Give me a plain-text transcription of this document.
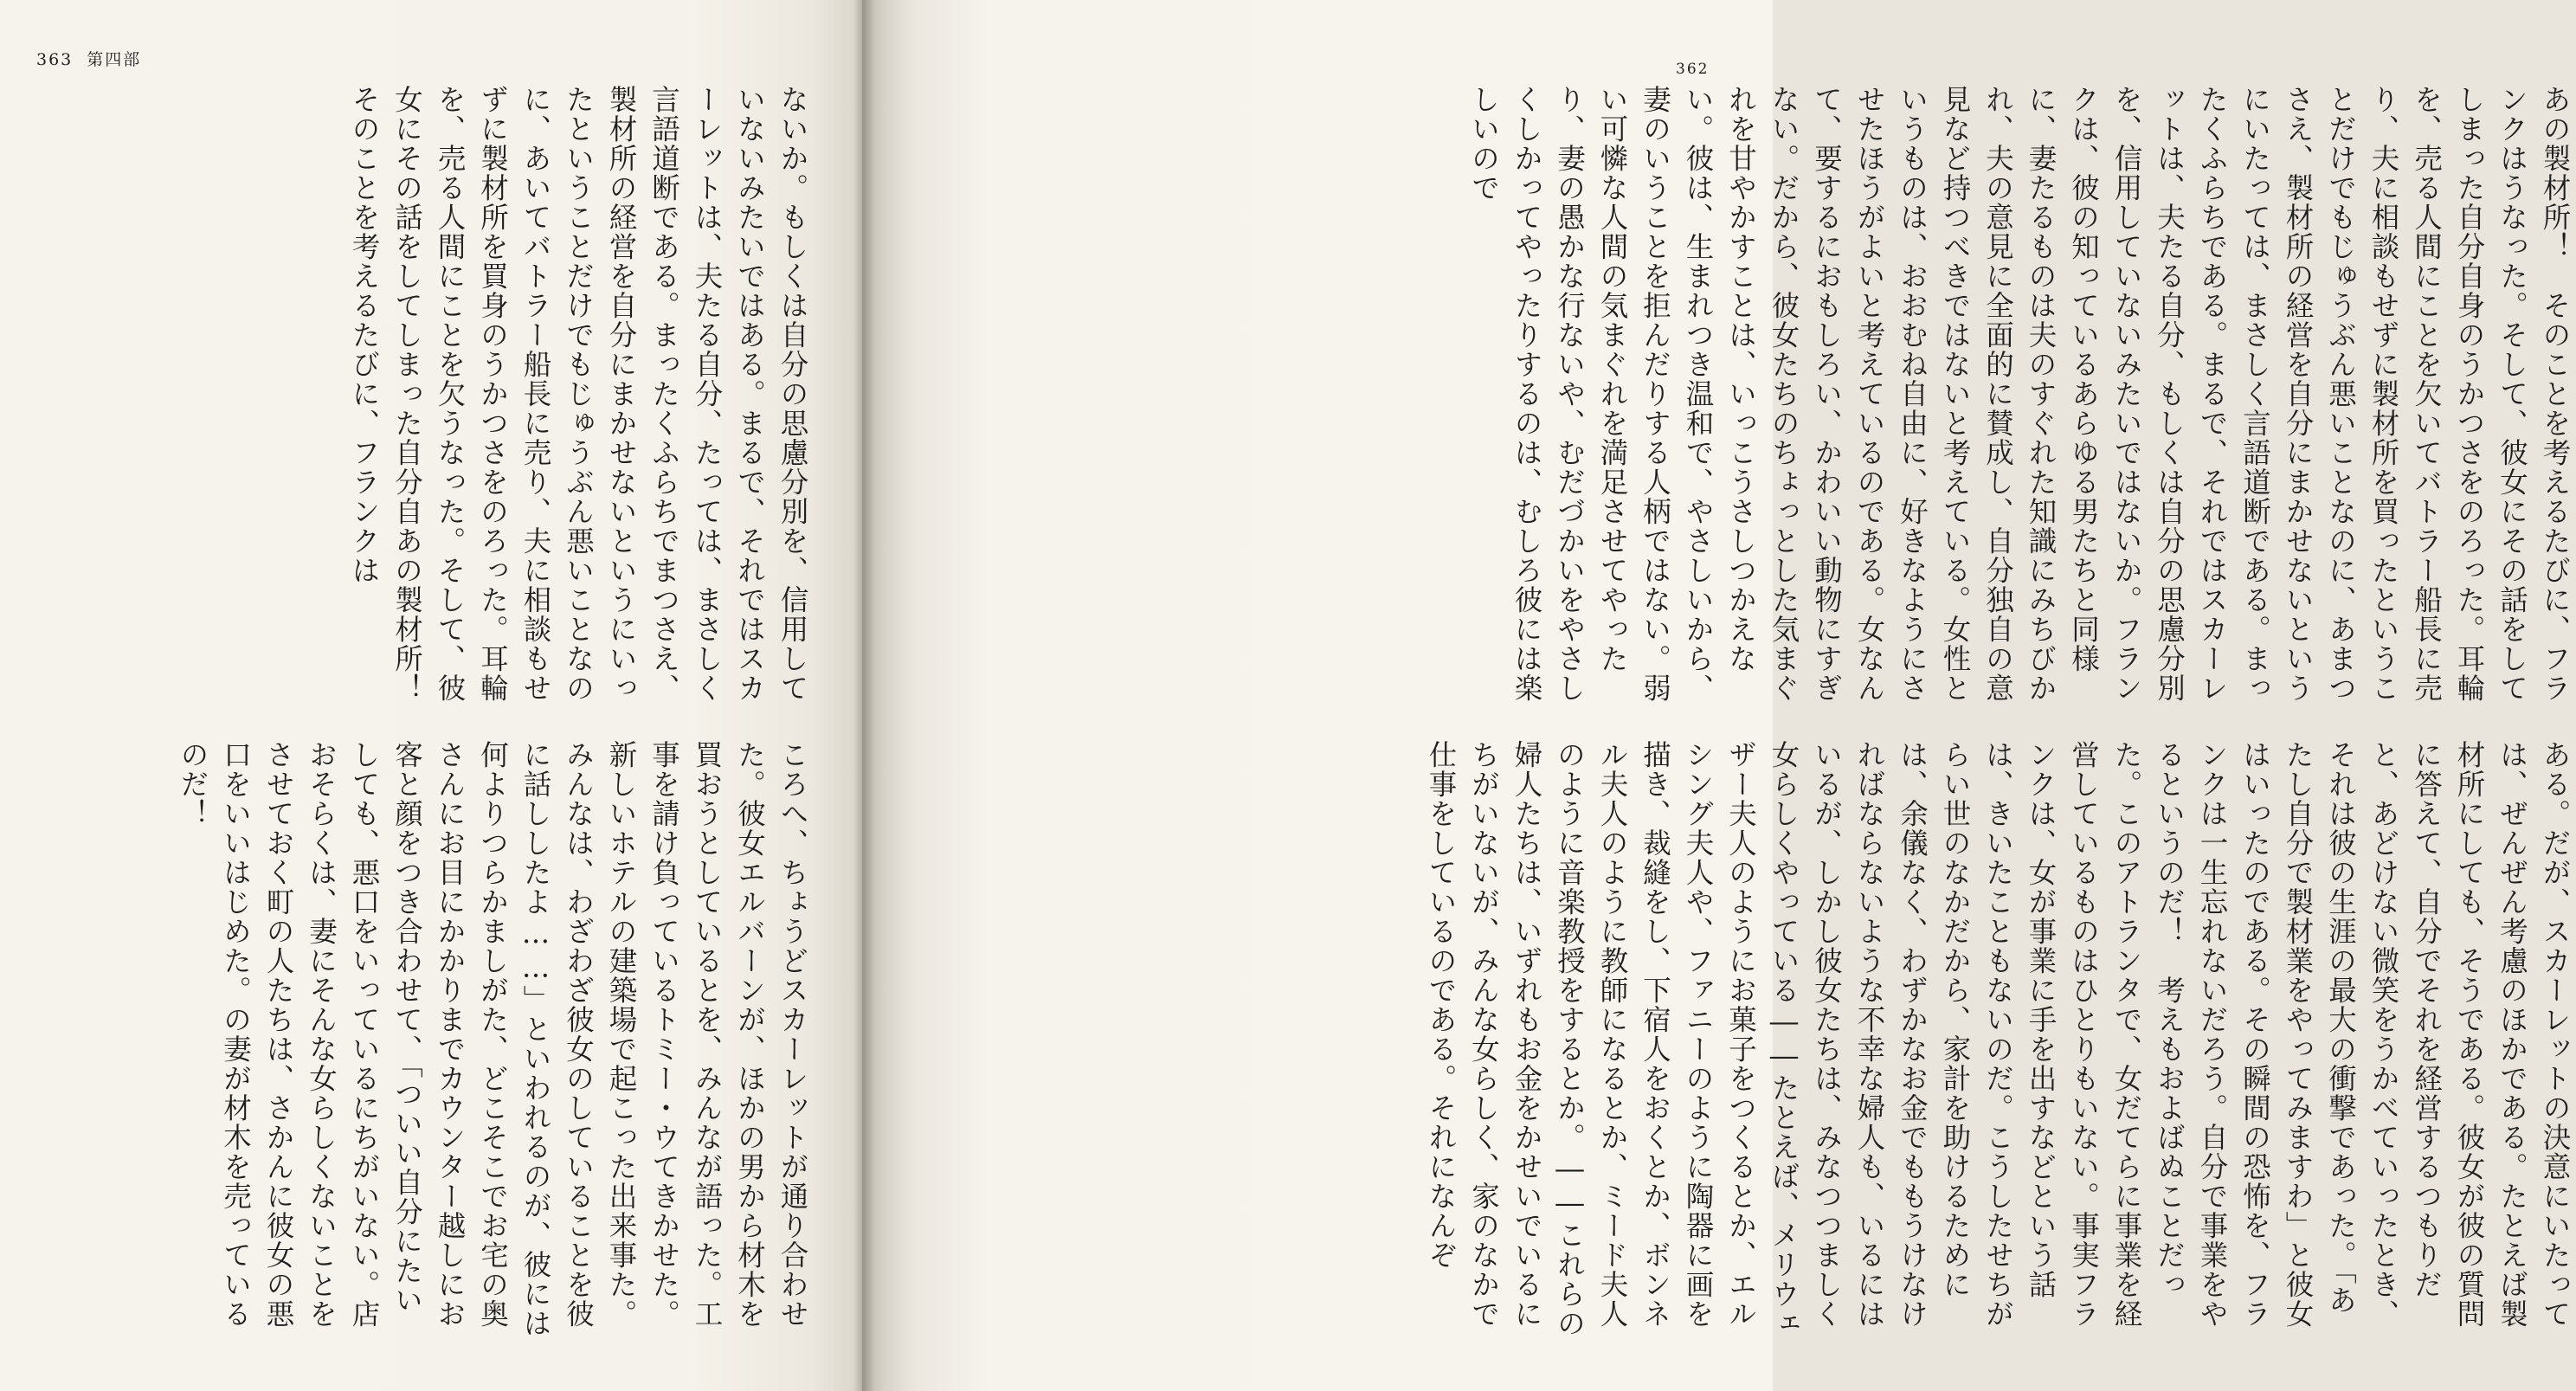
363 第四部
ないか。もしくは自分の思慮分別を、信用していないみたいではある。まるで、それではスカーレットは、夫たる自分、たっては、まさしく言語道断である。まったくふらちでまつさえ、製材所の経営を自分にまかせないというにいったということだけでもじゅうぶん悪いことなのに、あいてバトラー船長に売り、夫に相談もせずに製材所を買身のうかつさをのろった。耳輪を、売る人間にことを欠うなった。そして、彼女にその話をしてしまった自分自あの製材所！　そのことを考えるたびに、フランクは
ころへ、ちょうどスカーレットが通り合わせた。彼女エルバーンが、ほかの男から材木を買おうとしているとを、みんなが語った。工事を請け負っているトミー・ウてきかせた。新しいホテルの建築場で起こった出来事た。みんなは、わざわざ彼女のしていることを彼に話ししたよ……」といわれるのが、彼には何よりつらかましがた、どこそこでお宅の奥さんにお目にかかりまでカウンター越しにお客と顔をつき合わせて、「ついい自分にたいしても、悪口をいっているにちがいない。店おそらくは、妻にそんな女らしくないことをさせておく町の人たちは、さかんに彼女の悪口をいいはじめた。の妻が材木を売っているのだ！
362
あの製材所！　そのことを考えるたびに、フランクはうなった。そして、彼女にその話をしてしまった自分自身のうかつさをのろった。耳輪を、売る人間にことを欠いてバトラー船長に売り、夫に相談もせずに製材所を買ったということだけでもじゅうぶん悪いことなのに、あまつさえ、製材所の経営を自分にまかせないというにいたっては、まさしく言語道断である。まったくふらちである。まるで、それではスカーレットは、夫たる自分、もしくは自分の思慮分別を、信用していないみたいではないか。フランクは、彼の知っているあらゆる男たちと同様に、妻たるものは夫のすぐれた知識にみちびかれ、夫の意見に全面的に賛成し、自分独自の意見など持つべきではないと考えている。女性というものは、おおむね自由に、好きなようにさせたほうがよいと考えているのである。女なんて、要するにおもしろい、かわいい動物にすぎない。だから、彼女たちのちょっとした気まぐれを甘やかすことは、いっこうさしつかえない。彼は、生まれつき温和で、やさしいから、妻のいうことを拒んだりする人柄ではない。弱い可憐な人間の気まぐれを満足させてやったり、妻の愚かな行ないや、むだづかいをやさしくしかってやったりするのは、むしろ彼には楽しいので
ある。だが、スカーレットの決意にいたっては、ぜんぜん考慮のほかである。たとえば製材所にしても、そうである。彼女が彼の質問に答えて、自分でそれを経営するつもりだと、あどけない微笑をうかべていったとき、それは彼の生涯の最大の衝撃であった。「あたし自分で製材業をやってみますわ」と彼女はいったのである。その瞬間の恐怖を、フランクは一生忘れないだろう。自分で事業をやるというのだ！　考えもおよばぬことだった。このアトランタで、女だてらに事業を経営しているものはひとりもいない。事実フランクは、女が事業に手を出すなどという話は、きいたこともないのだ。こうしたせちがらい世のなかだから、家計を助けるためには、余儀なく、わずかなお金でももうけなければならないような不幸な婦人も、いるにはいるが、しかし彼女たちは、みなつつましく女らしくやっている――たとえば、メリウェザー夫人のようにお菓子をつくるとか、エルシング夫人や、ファニーのように陶器に画を描き、裁縫をし、下宿人をおくとか、ボンネル夫人のように教師になるとか、ミード夫人のように音楽教授をするとか。――これらの婦人たちは、いずれもお金をかせいでいるにちがいないが、みんな女らしく、家のなかで仕事をしているのである。それになんぞ
